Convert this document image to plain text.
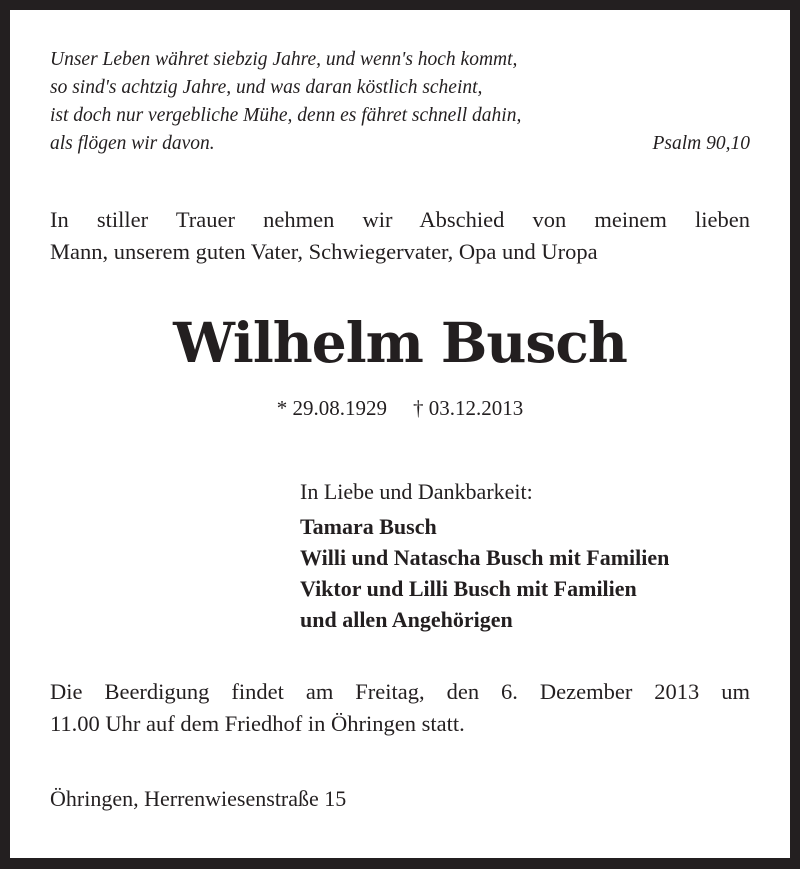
Unser Leben währet siebzig Jahre, und wenn's hoch kommt,
so sind's achtzig Jahre, und was daran köstlich scheint,
ist doch nur vergebliche Mühe, denn es fähret schnell dahin,
als flögen wir davon.	Psalm 90,10
In stiller Trauer nehmen wir Abschied von meinem lieben
Mann, unserem guten Vater, Schwiegervater, Opa und Uropa
Wilhelm Busch
* 29.08.1929 † 03.12.2013
In Liebe und Dankbarkeit:
Tamara Busch
Willi und Natascha Busch mit Familien
Viktor und Lilli Busch mit Familien
und allen Angehörigen
Die Beerdigung findet am Freitag, den 6. Dezember 2013 um
11.00 Uhr auf dem Friedhof in Öhringen statt.
Öhringen, Herrenwiesenstraße 15
